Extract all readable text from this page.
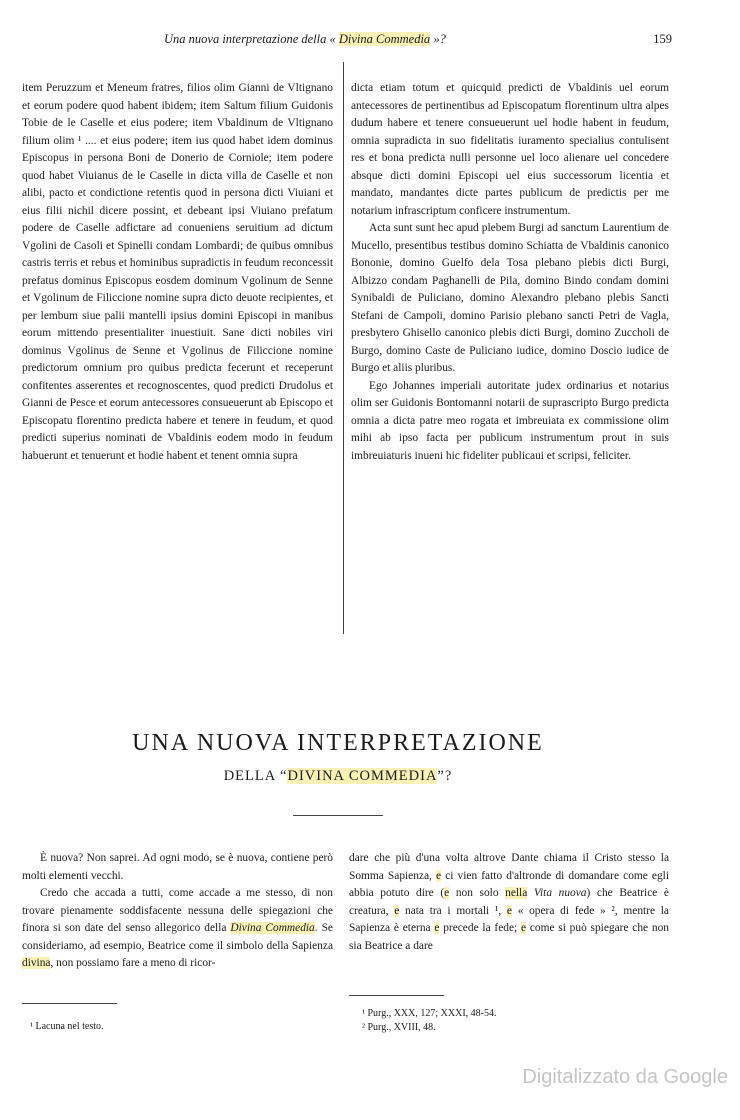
Una nuova interpretazione della « Divina Commedia »?	159

item Peruzzum et Meneum fratres, filios olim Gianni de Vltignano et eorum podere quod habent ibidem; item Saltum filium Guidonis Tobie de le Caselle et eius podere; item Vbaldinum de Vltignano filium olim ¹ .... et eius podere; item ius quod habet idem dominus Episcopus in persona Boni de Donerio de Corniole; item podere quod habet Viuianus de le Caselle in dicta villa de Caselle et non alibi, pacto et condictione retentis quod in persona dicti Viuiani et eius filii nichil dicere possint, et debeant ipsi Viuiano prefatum podere de Caselle adfictare ad conueniens seruitium ad dictum Vgolini de Casoli et Spinelli condam Lombardi; de quibus omnibus castris terris et rebus et hominibus supradictis in feudum reconcessit prefatus dominus Episcopus eosdem dominum Vgolinum de Senne et Vgolinum de Filiccione nomine supra dicto deuote recipientes, et per lembum siue palii mantelli ipsius domini Episcopi in manibus eorum mittendo presentialiter inuestiuit. Sane dicti nobiles viri dominus Vgolinus de Senne et Vgolinus de Filiccione nomine predictorum omnium pro quibus predicta fecerunt et receperunt confitentes asserentes et recognoscentes, quod predicti Drudolus et Gianni de Pesce et eorum antecessores consueuerunt ab Episcopo et Episcopatu florentino predicta habere et tenere in feudum, et quod predicti superius nominati de Vbaldinis eodem modo in feudum habuerunt et tenuerunt et hodie habent et tenent omnia supra

dicta etiam totum et quicquid predicti de Vbaldinis uel eorum antecessores de pertinentibus ad Episcopatum florentinum ultra alpes dudum habere et tenere consueuerunt uel hodie habent in feudum, omnia supradicta in suo fidelitatis iuramento specialius contulisent res et bona predicta nulli personne uel loco alienare uel concedere absque dicti domini Episcopi uel eius successorum licentia et mandato, mandantes dicte partes publicum de predictis per me notarium infrascriptum conficere instrumentum.

Acta sunt sunt hec apud plebem Burgi ad sanctum Laurentium de Mucello, presentibus testibus domino Schiatta de Vbaldinis canonico Bononie, domino Guelfo dela Tosa plebano plebis dicti Burgi, Albizzo condam Paghanelli de Pila, domino Bindo condam domini Synibaldi de Puliciano, domino Alexandro plebano plebis Sancti Stefani de Campoli, domino Parisio plebano sancti Petri de Vagla, presbytero Ghisello canonico plebis dicti Burgi, domino Zuccholi de Burgo, domino Caste de Puliciano iudice, domino Doscio iudice de Burgo et aliis pluribus.

Ego Johannes imperiali autoritate judex ordinarius et notarius olim ser Guidonis Bontomanni notarii de suprascripto Burgo predicta omnia a dicta patre meo rogata et imbreuiata ex commissione olim mihi ab ipso facta per publicum instrumentum prout in suis imbreuiaturis inueni hic fideliter publicaui et scripsi, feliciter.

UNA NUOVA INTERPRETAZIONE
DELLA “DIVINA COMMEDIA”?

È nuova? Non saprei. Ad ogni modo, se è nuova, contiene però molti elementi vecchi.

Credo che accada a tutti, come accade a me stesso, di non trovare pienamente soddisfacente nessuna delle spiegazioni che finora si son date del senso allegorico della Divina Commedia. Se consideriamo, ad esempio, Beatrice come il simbolo della Sapienza divina, non possiamo fare a meno di ricor-

dare che più d'una volta altrove Dante chiama il Cristo stesso la Somma Sapienza, e ci vien fatto d'altronde di domandare come egli abbia potuto dire (e non solo nella Vita nuova) che Beatrice è creatura, e nata tra i mortali ¹, e « opera di fede » ², mentre la Sapienza è eterna e precede la fede; e come si può spiegare che non sia Beatrice a dare

¹ Lacuna nel testo.
¹ Purg., XXX, 127; XXXI, 48-54.
² Purg., XVIII, 48.
Digitalizzato da Google
